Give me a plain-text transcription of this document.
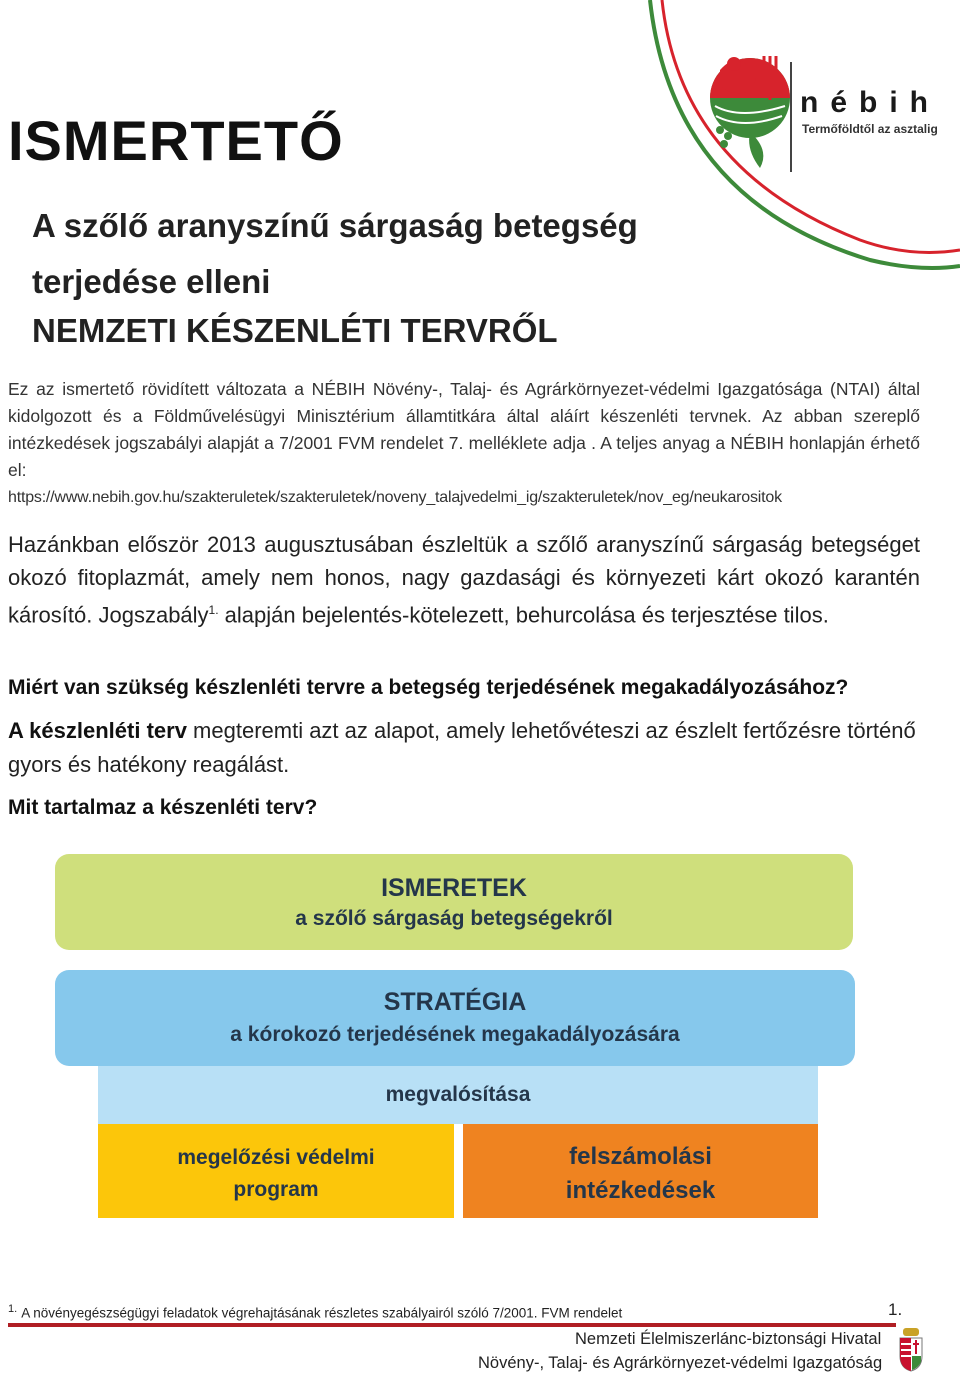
nébih
Termőföldtől az asztalig
ISMERTETŐ
A szőlő aranyszínű sárgaság betegség terjedése elleni
NEMZETI KÉSZENLÉTI TERVRŐL
Ez az ismertető rövidített változata a NÉBIH Növény-, Talaj- és Agrárkörnyezet-védelmi Igazgatósága (NTAI) által kidolgozott és a Földművelésügyi Minisztérium államtitkára által aláírt készenléti tervnek. Az abban szereplő intézkedések jogszabályi alapját a 7/2001 FVM rendelet 7. melléklete adja . A teljes anyag a NÉBIH honlapján érhető el:
https://www.nebih.gov.hu/szakteruletek/szakteruletek/noveny_talajvedelmi_ig/szakteruletek/nov_eg/neukarositok
Hazánkban először 2013 augusztusában észleltük a szőlő aranyszínű sárgaság betegséget okozó fitoplazmát, amely nem honos, nagy gazdasági és környezeti kárt okozó karantén károsító. Jogszabály$^{1.}$ alapján bejelentés-kötelezett, behurcolása és terjesztése tilos.
Miért van szükség készlenléti tervre a betegség terjedésének megakadályozásához?
A készlenléti terv megteremti azt az alapot, amely lehetővéteszi az észlelt fertőzésre történő gyors és hatékony reagálást.
Mit tartalmaz a készenléti terv?
ISMERETEK
a szőlő sárgaság betegségekről
STRATÉGIA
a kórokozó terjedésének megakadályozására
megvalósítása
megelőzési védelmi program
felszámolási intézkedések
$^{1.}$ A növényegészségügyi feladatok végrehajtásának részletes szabályairól szóló 7/2001. FVM rendelet	1.
Nemzeti Élelmiszerlánc-biztonsági Hivatal
Növény-, Talaj- és Agrárkörnyezet-védelmi Igazgatóság
